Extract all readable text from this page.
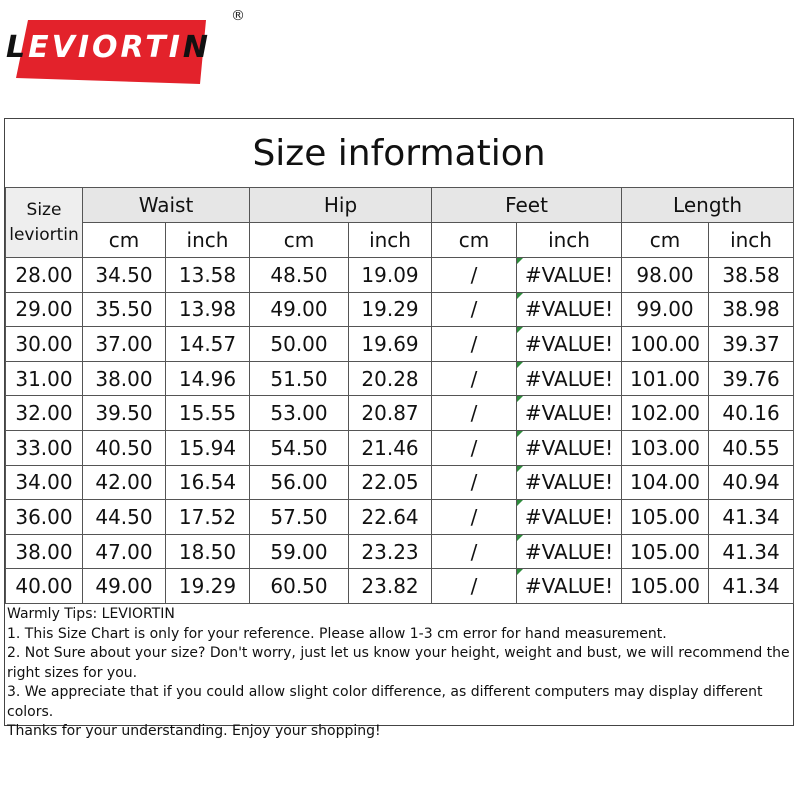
LEVIORTIN
®
Size information
Size
leviortin	Waist		Hip		Feet		Length	
	cm	inch	cm	inch	cm	inch	cm	inch
28.00	34.50	13.58	48.50	19.09	/	#VALUE!	98.00	38.58
29.00	35.50	13.98	49.00	19.29	/	#VALUE!	99.00	38.98
30.00	37.00	14.57	50.00	19.69	/	#VALUE!	100.00	39.37
31.00	38.00	14.96	51.50	20.28	/	#VALUE!	101.00	39.76
32.00	39.50	15.55	53.00	20.87	/	#VALUE!	102.00	40.16
33.00	40.50	15.94	54.50	21.46	/	#VALUE!	103.00	40.55
34.00	42.00	16.54	56.00	22.05	/	#VALUE!	104.00	40.94
36.00	44.50	17.52	57.50	22.64	/	#VALUE!	105.00	41.34
38.00	47.00	18.50	59.00	23.23	/	#VALUE!	105.00	41.34
40.00	49.00	19.29	60.50	23.82	/	#VALUE!	105.00	41.34
Warmly Tips: LEVIORTIN
1. This Size Chart is only for your reference. Please allow 1-3 cm error for hand measurement.
2. Not Sure about your size? Don't worry, just let us know your height, weight and bust, we will recommend the right sizes for you.
3. We appreciate that if you could allow slight color difference, as different computers may display different colors.
Thanks for your understanding. Enjoy your shopping!
